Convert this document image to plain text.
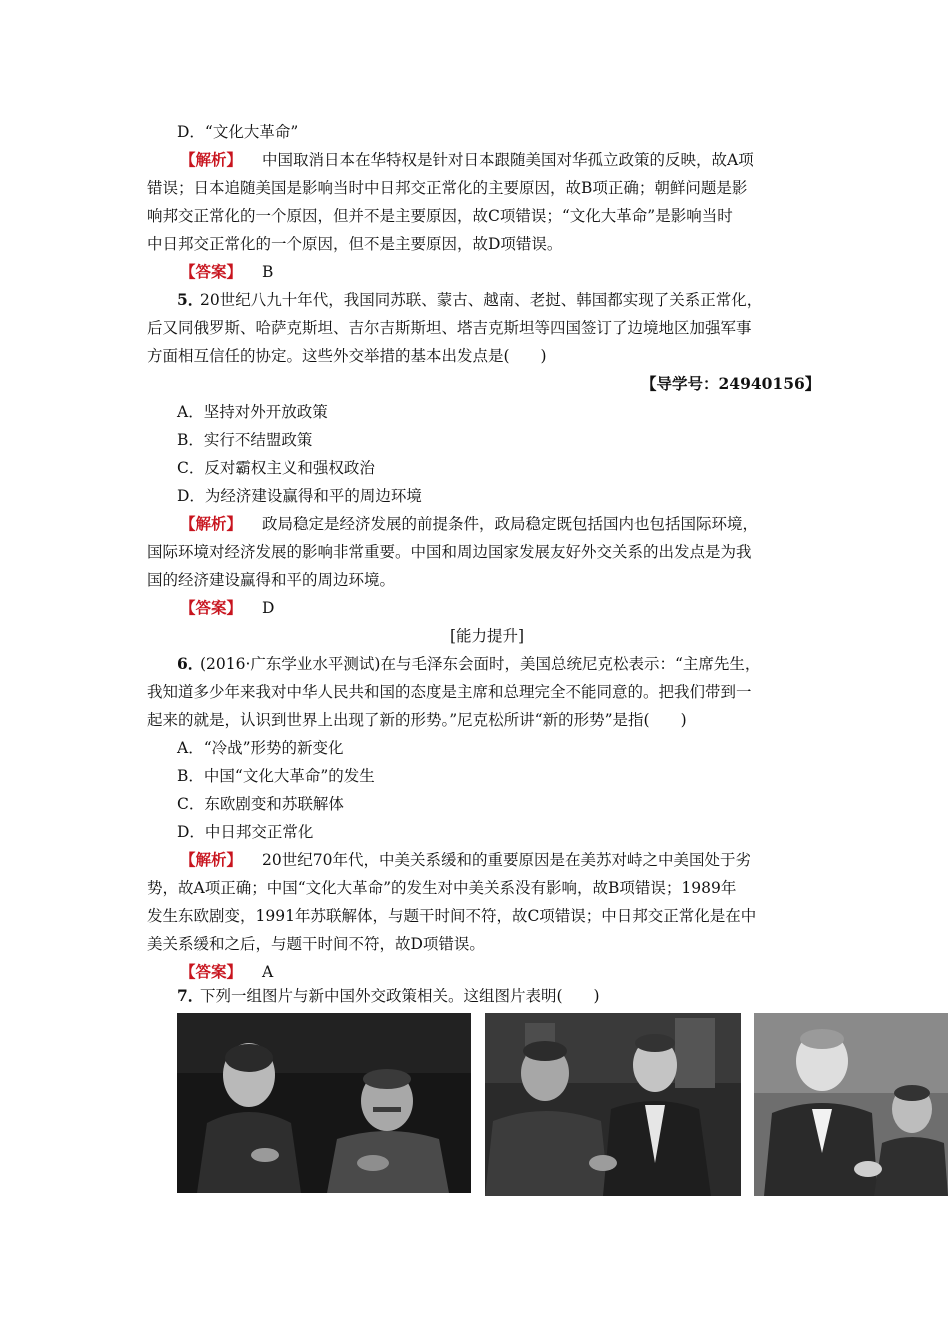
D．“文化大革命”
【解析】 中国取消日本在华特权是针对日本跟随美国对华孤立政策的反映，故A项
错误；日本追随美国是影响当时中日邦交正常化的主要原因，故B项正确；朝鲜问题是影
响邦交正常化的一个原因，但并不是主要原因，故C项错误；“文化大革命”是影响当时
中日邦交正常化的一个原因，但不是主要原因，故D项错误。
【答案】 B
5．
20世纪八九十年代，我国同苏联、蒙古、越南、老挝、韩国都实现了关系正常化，
后又同俄罗斯、哈萨克斯坦、吉尔吉斯斯坦、塔吉克斯坦等四国签订了边境地区加强军事
方面相互信任的协定。这些外交举措的基本出发点是(　　)
【导学号：24940156】
A．坚持对外开放政策
B．实行不结盟政策
C．反对霸权主义和强权政治
D．为经济建设赢得和平的周边环境
【解析】 政局稳定是经济发展的前提条件，政局稳定既包括国内也包括国际环境，
国际环境对经济发展的影响非常重要。中国和周边国家发展友好外交关系的出发点是为我
国的经济建设赢得和平的周边环境。
【答案】 D
[能力提升]
6．
(2016·广东学业水平测试)在与毛泽东会面时，美国总统尼克松表示：“主席先生，
我知道多少年来我对中华人民共和国的态度是主席和总理完全不能同意的。把我们带到一
起来的就是，认识到世界上出现了新的形势。”尼克松所讲“新的形势”是指(　　)
A．“冷战”形势的新变化
B．中国“文化大革命”的发生
C．东欧剧变和苏联解体
D．中日邦交正常化
【解析】 20世纪70年代，中美关系缓和的重要原因是在美苏对峙之中美国处于劣
势，故A项正确；中国“文化大革命”的发生对中美关系没有影响，故B项错误；1989年
发生东欧剧变，1991年苏联解体，与题干时间不符，故C项错误；中日邦交正常化是在中
美关系缓和之后，与题干时间不符，故D项错误。
【答案】 A
7．
下列一组图片与新中国外交政策相关。这组图片表明(　　)
